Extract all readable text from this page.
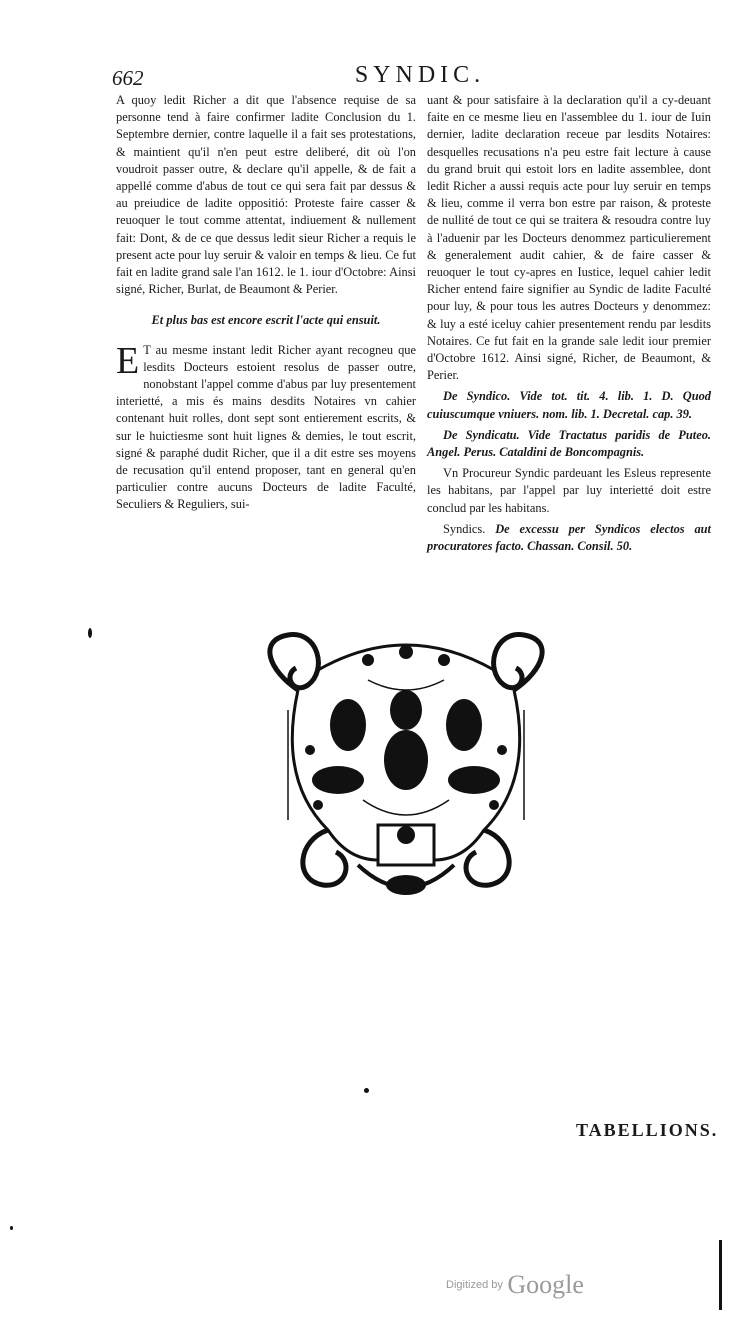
662	SYNDIC.

A quoy ledit Richer a dit que l'absence requise de sa personne tend à faire confirmer ladite Conclusion du 1. Septembre dernier, contre laquelle il a fait ses protestations, & maintient qu'il n'en peut estre deliberé, dit où l'on voudroit passer outre, & declare qu'il appelle, & de fait a appellé comme d'abus de tout ce qui sera fait par dessus & au preiudice de ladite oppositió: Proteste faire casser & reuoquer le tout comme attentat, indiuement & nullement fait: Dont, & de ce que dessus ledit sieur Richer a requis le present acte pour luy seruir & valoir en temps & lieu. Ce fut fait en ladite grand sale l'an 1612. le 1. iour d'Octobre: Ainsi signé, Richer, Burlat, de Beaumont & Perier.

Et plus bas est encore escrit l'acte qui ensuit.

E T au mesme instant ledit Richer ayant recogneu que lesdits Docteurs estoient resolus de passer outre, nonobstant l'appel comme d'abus par luy presentement interietté, a mis és mains desdits Notaires vn cahier contenant huit rolles, dont sept sont entierement escrits, & sur le huictiesme sont huit lignes & demies, le tout escrit, signé & paraphé dudit Richer, que il a dit estre ses moyens de recusation qu'il entend proposer, tant en general qu'en particulier contre aucuns Docteurs de ladite Faculté, Seculiers & Reguliers, sui-

uant & pour satisfaire à la declaration qu'il a cy-deuant faite en ce mesme lieu en l'assemblee du 1. iour de Iuin dernier, ladite declaration receue par lesdits Notaires: desquelles recusations n'a peu estre fait lecture à cause du grand bruit qui estoit lors en ladite assemblee, dont ledit Richer a aussi requis acte pour luy seruir en temps & lieu, comme il verra bon estre par raison, & proteste de nullité de tout ce qui se traitera & resoudra contre luy à l'aduenir par les Docteurs denommez particulierement & generalement audit cahier, & de faire casser & reuoquer le tout cy-apres en Iustice, lequel cahier ledit Richer entend faire signifier au Syndic de ladite Faculté pour luy, & pour tous les autres Docteurs y denommez: & luy a esté iceluy cahier presentement rendu par lesdits Notaires. Ce fut fait en la grande sale ledit iour premier d'Octobre 1612. Ainsi signé, Richer, de Beaumont, & Perier.

De Syndico. Vide tot. tit. 4. lib. 1. D. Quod cuiuscumque vniuers. nom. lib. 1. Decretal. cap. 39.

De Syndicatu. Vide Tractatus paridis de Puteo. Angel. Perus. Cataldini de Boncompagnis.

Vn Procureur Syndic pardeuant les Esleus represente les habitans, par l'appel par luy interietté doit estre conclud par les habitans.

Syndics. De excessu per Syndicos electos aut procuratores facto. Chassan. Consil. 50.

TABELLIONS.
Digitized by Google
